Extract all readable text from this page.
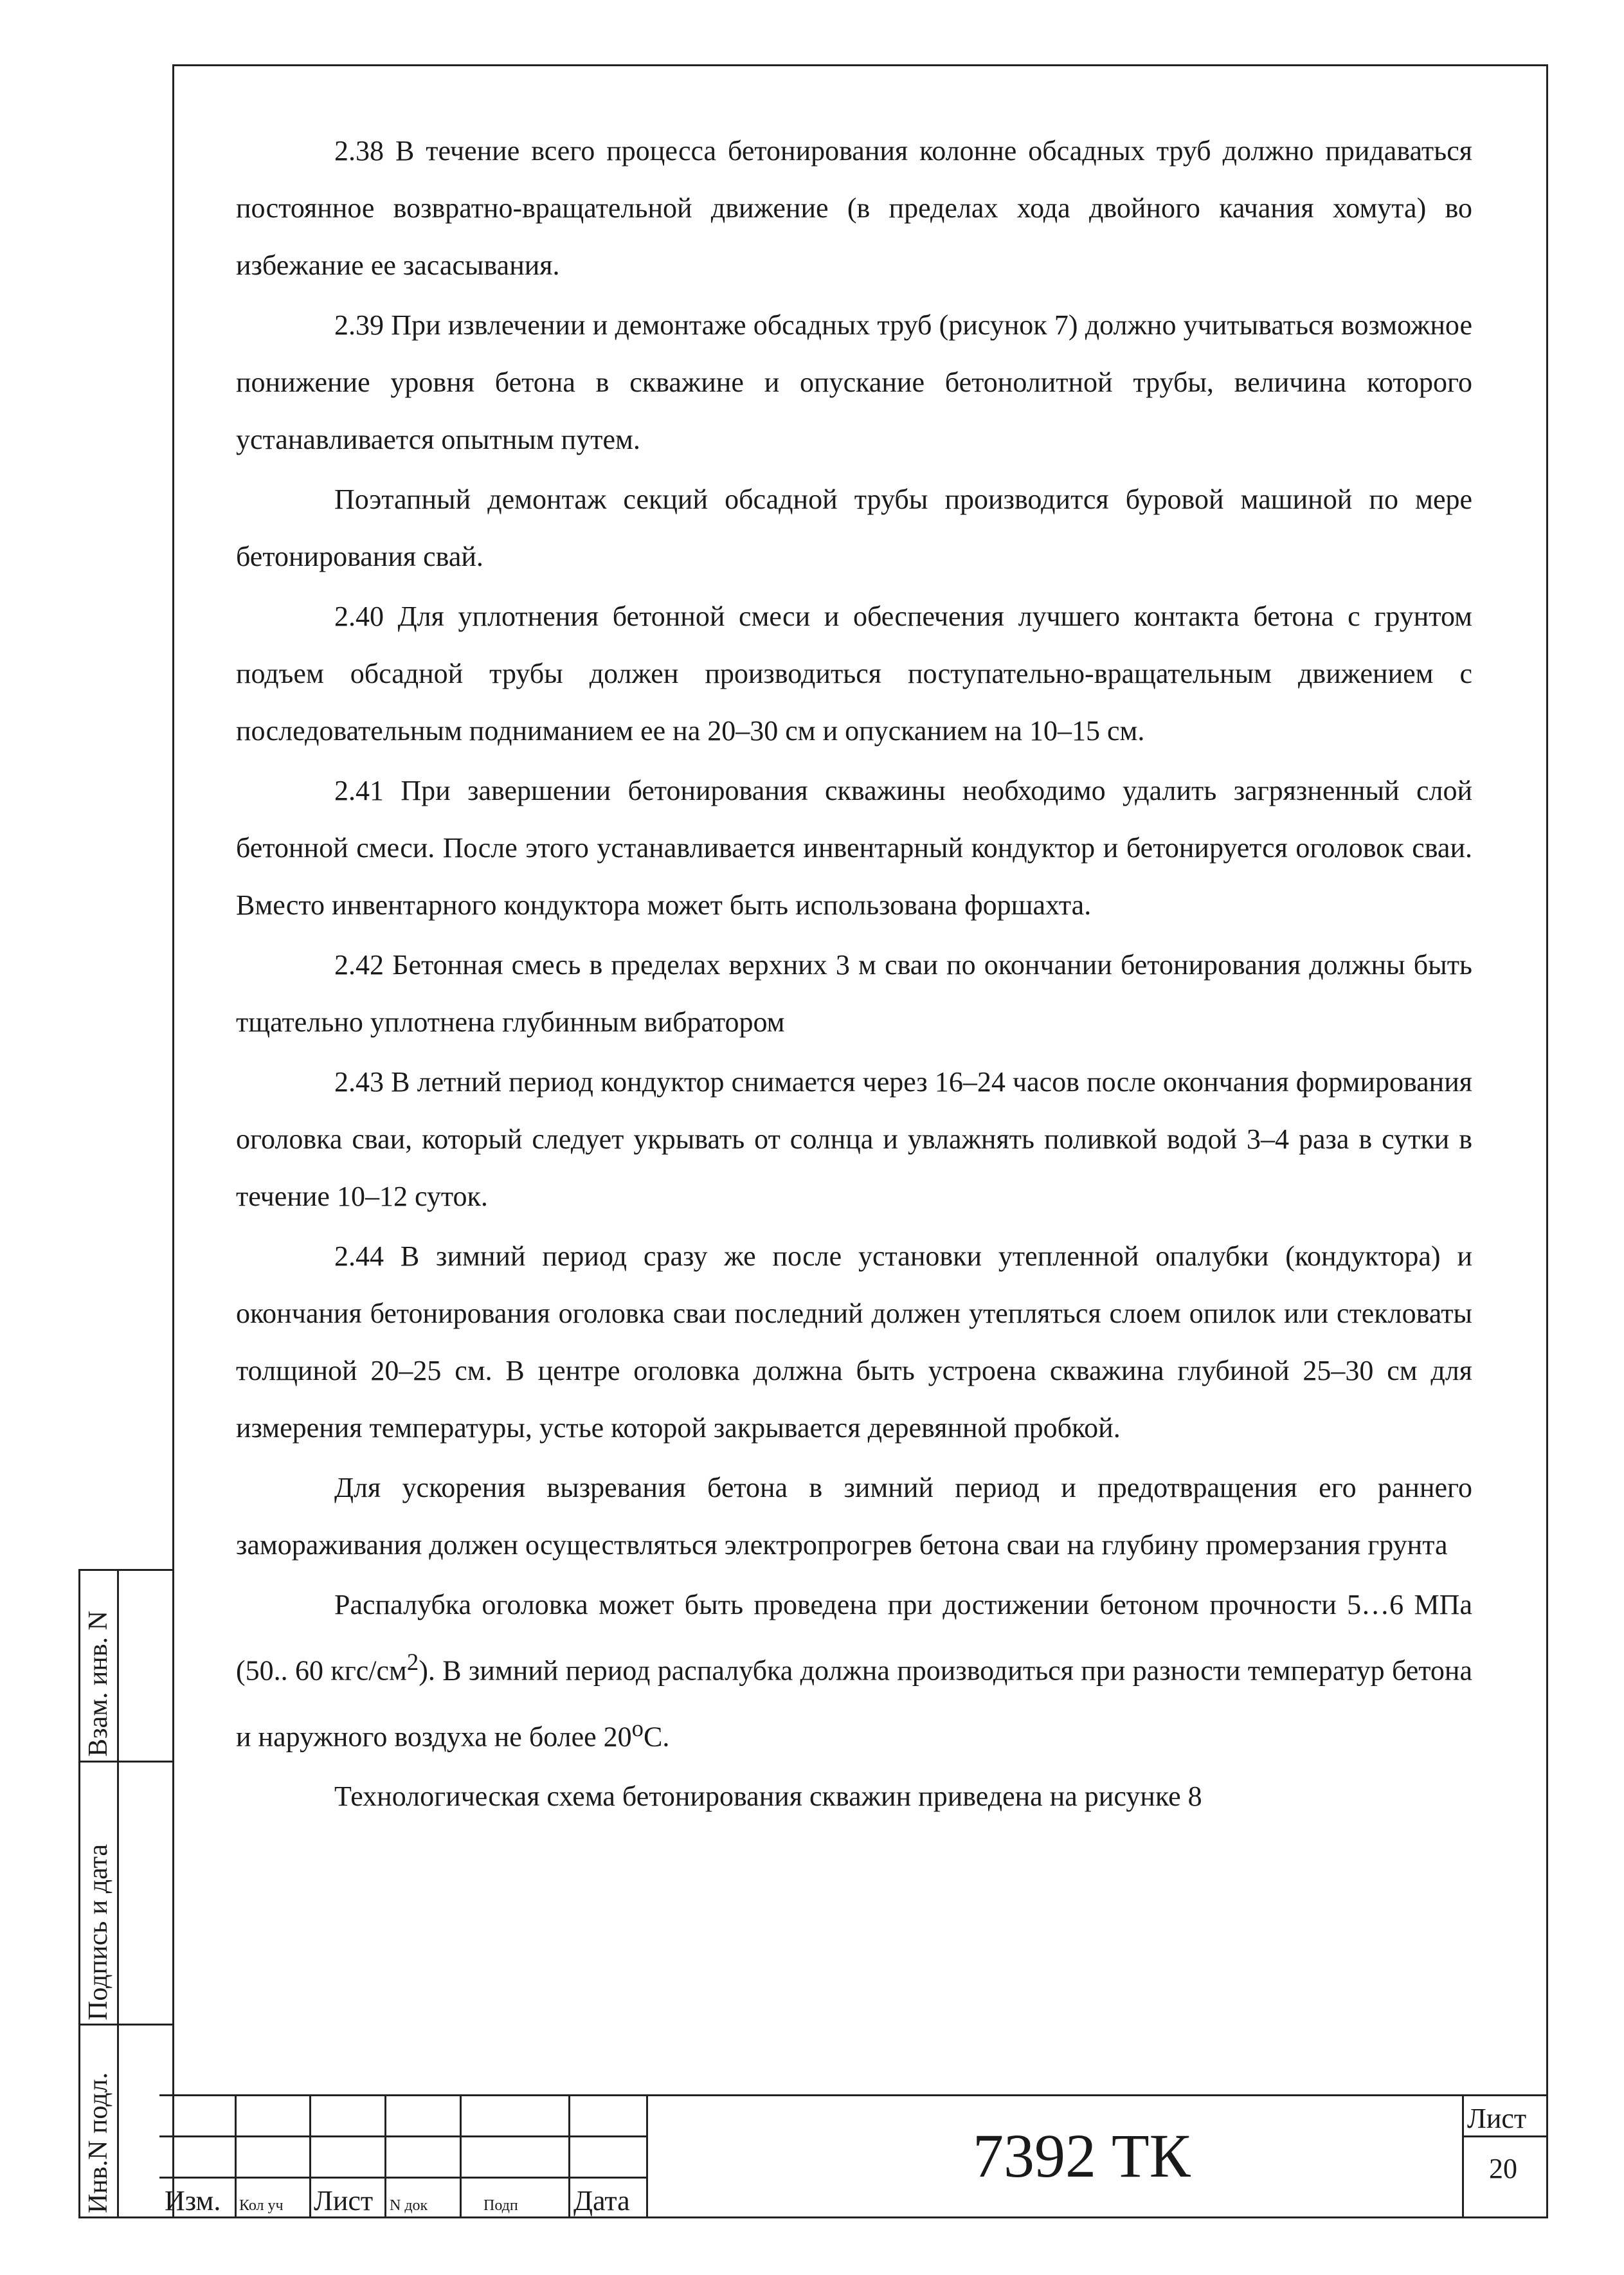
2.38 В течение всего процесса бетонирования колонне обсадных труб должно придаваться постоянное возвратно-вращательной движение (в пределах хода двойного качания хомута) во избежание ее засасывания.

2.39 При извлечении и демонтаже обсадных труб (рисунок 7) должно учитываться возможное понижение уровня бетона в скважине и опускание бетонолитной трубы, величина которого устанавливается опытным путем.

Поэтапный демонтаж секций обсадной трубы производится буровой машиной по мере бетонирования свай.

2.40 Для уплотнения бетонной смеси и обеспечения лучшего контакта бетона с грунтом подъем обсадной трубы должен производиться поступательно-вращательным движением с последовательным подниманием ее на 20–30 см и опусканием на 10–15 см.

2.41 При завершении бетонирования скважины необходимо удалить загрязненный слой бетонной смеси. После этого устанавливается инвентарный кондуктор и бетонируется оголовок сваи. Вместо инвентарного кондуктора может быть использована форшахта.

2.42 Бетонная смесь в пределах верхних 3 м сваи по окончании бетонирования должны быть тщательно уплотнена глубинным вибратором

2.43 В летний период кондуктор снимается через 16–24 часов после окончания формирования оголовка сваи, который следует укрывать от солнца и увлажнять поливкой водой 3–4 раза в сутки в течение 10–12 суток.

2.44 В зимний период сразу же после установки утепленной опалубки (кондуктора) и окончания бетонирования оголовка сваи последний должен утепляться слоем опилок или стекловаты толщиной 20–25 см. В центре оголовка должна быть устроена скважина глубиной 25–30 см для измерения температуры, устье которой закрывается деревянной пробкой.

Для ускорения вызревания бетона в зимний период и предотвращения его раннего замораживания должен осуществляться электропрогрев бетона сваи на глубину промерзания грунта

Распалубка оголовка может быть проведена при достижении бетоном прочности 5…6 МПа (50.. 60 кгс/$см^2$). В зимний период распалубка должна производиться при разности температур бетона и наружного воздуха не более $20^оС$.

Технологическая схема бетонирования скважин приведена на рисунке 8

Взам. инв. N
Подпись и дата
Инв.N подл. Изм. Кол уч Лист N док	Подп Дата
7392 ТК
Лист
20
